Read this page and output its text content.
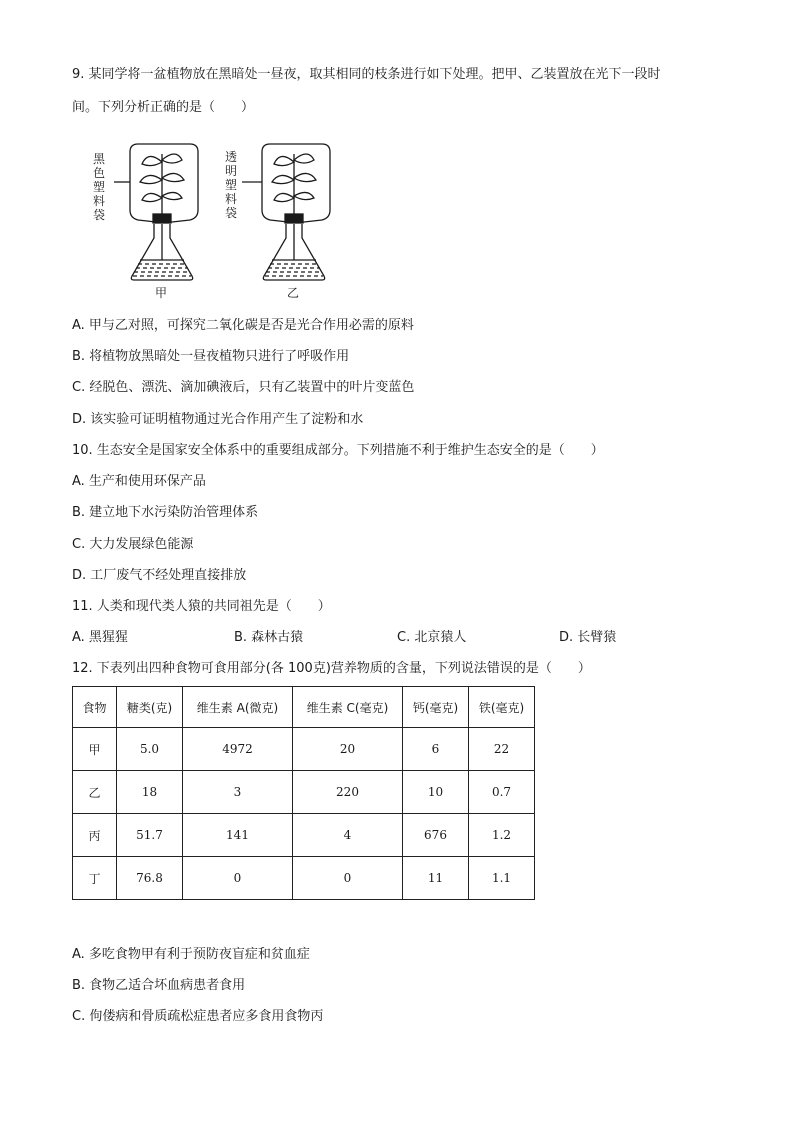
9. 某同学将一盆植物放在黑暗处一昼夜，取其相同的枝条进行如下处理。把甲、乙装置放在光下一段时
间。下列分析正确的是（　　）
黑色塑料袋
透明塑料袋
甲	乙
A. 甲与乙对照，可探究二氧化碳是否是光合作用必需的原料
B. 将植物放黑暗处一昼夜植物只进行了呼吸作用
C. 经脱色、漂洗、滴加碘液后，只有乙装置中的叶片变蓝色
D. 该实验可证明植物通过光合作用产生了淀粉和水
10. 生态安全是国家安全体系中的重要组成部分。下列措施不利于维护生态安全的是（　　）
A. 生产和使用环保产品
B. 建立地下水污染防治管理体系
C. 大力发展绿色能源
D. 工厂废气不经处理直接排放
11. 人类和现代类人猿的共同祖先是（　　）
A. 黑猩猩	B. 森林古猿	C. 北京猿人	D. 长臂猿
12. 下表列出四种食物可食用部分(各 100克)营养物质的含量，下列说法错误的是（　　）
食物	糖类(克)	维生素 A(微克)	维生素 C(毫克)	钙(毫克)	铁(毫克)
甲	5.0	4972	20	6	22
乙	18	3	220	10	0.7
丙	51.7	141	4	676	1.2
丁	76.8	0	0	11	1.1
A. 多吃食物甲有利于预防夜盲症和贫血症
B. 食物乙适合坏血病患者食用
C. 佝偻病和骨质疏松症患者应多食用食物丙
